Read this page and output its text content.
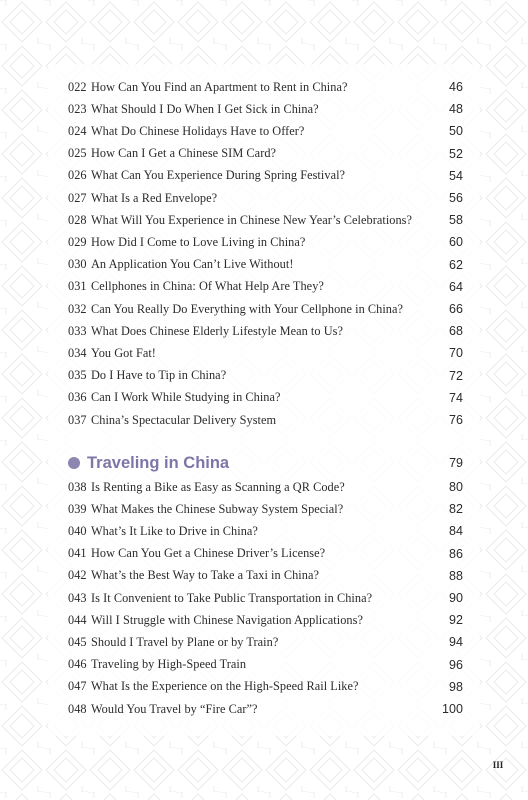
022 How Can You Find an Apartment to Rent in China?	46
023 What Should I Do When I Get Sick in China?	48
024 What Do Chinese Holidays Have to Offer?	50
025 How Can I Get a Chinese SIM Card?	52
026 What Can You Experience During Spring Festival?	54
027 What Is a Red Envelope?	56
028 What Will You Experience in Chinese New Year’s Celebrations?	58
029 How Did I Come to Love Living in China?	60
030 An Application You Can’t Live Without!	62
031 Cellphones in China: Of What Help Are They?	64
032 Can You Really Do Everything with Your Cellphone in China?	66
033 What Does Chinese Elderly Lifestyle Mean to Us?	68
034 You Got Fat!	70
035 Do I Have to Tip in China?	72
036 Can I Work While Studying in China?	74
037 China’s Spectacular Delivery System	76
Traveling in China	79
038 Is Renting a Bike as Easy as Scanning a QR Code?	80
039 What Makes the Chinese Subway System Special?	82
040 What’s It Like to Drive in China?	84
041 How Can You Get a Chinese Driver’s License?	86
042 What’s the Best Way to Take a Taxi in China?	88
043 Is It Convenient to Take Public Transportation in China?	90
044 Will I Struggle with Chinese Navigation Applications?	92
045 Should I Travel by Plane or by Train?	94
046 Traveling by High-Speed Train	96
047 What Is the Experience on the High-Speed Rail Like?	98
048 Would You Travel by “Fire Car”?	100
III
